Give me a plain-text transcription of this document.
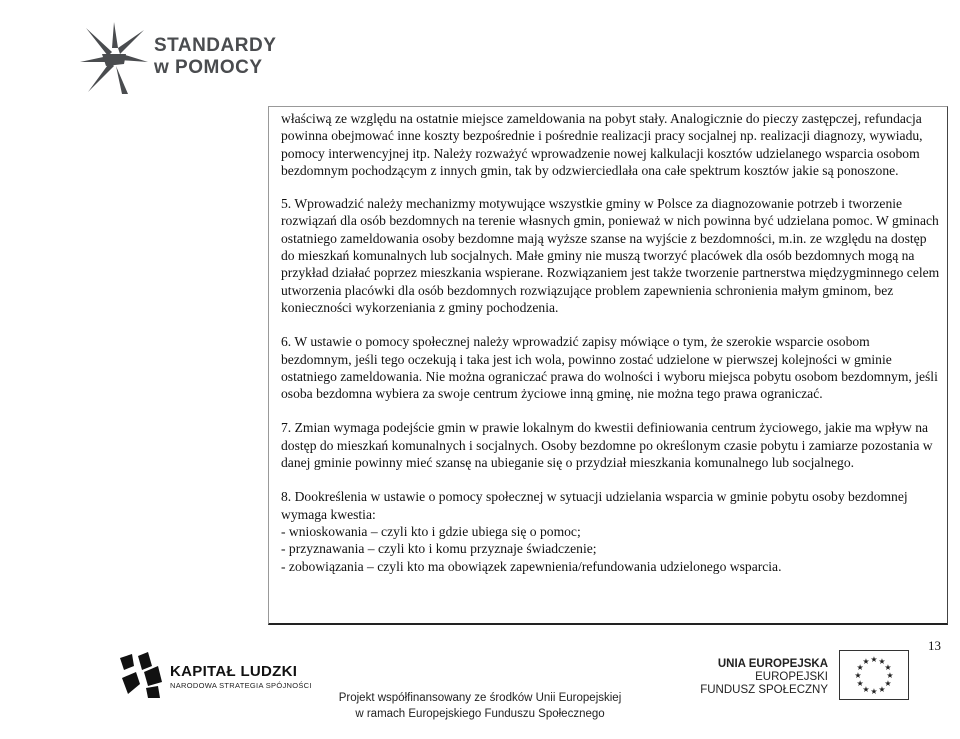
STANDARDY
w POMOCY

właściwą ze względu na ostatnie miejsce zameldowania na pobyt stały. Analogicznie do pieczy zastępczej, refundacja powinna obejmować inne koszty bezpośrednie i pośrednie realizacji pracy socjalnej np. realizacji diagnozy, wywiadu, pomocy interwencyjnej itp. Należy rozważyć wprowadzenie nowej kalkulacji kosztów udzielanego wsparcia osobom bezdomnym pochodzącym z innych gmin, tak by odzwierciedlała ona całe spektrum kosztów jakie są ponoszone.

5. Wprowadzić należy mechanizmy motywujące wszystkie gminy w Polsce za diagnozowanie potrzeb i tworzenie rozwiązań dla osób bezdomnych na terenie własnych gmin, ponieważ w nich powinna być udzielana pomoc. W gminach ostatniego zameldowania osoby bezdomne mają wyższe szanse na wyjście z bezdomności, m.in. ze względu na dostęp do mieszkań komunalnych lub socjalnych. Małe gminy nie muszą tworzyć placówek dla osób bezdomnych mogą na przykład działać poprzez mieszkania wspierane. Rozwiązaniem jest także tworzenie partnerstwa międzygminnego celem utworzenia placówki dla osób bezdomnych rozwiązujące problem zapewnienia schronienia małym gminom, bez konieczności wykorzeniania z gminy pochodzenia.

6. W ustawie o pomocy społecznej należy wprowadzić zapisy mówiące o tym, że szerokie wsparcie osobom bezdomnym, jeśli tego oczekują i taka jest ich wola, powinno zostać udzielone w pierwszej kolejności w gminie ostatniego zameldowania. Nie można ograniczać prawa do wolności i wyboru miejsca pobytu osobom bezdomnym, jeśli osoba bezdomna wybiera za swoje centrum życiowe inną gminę, nie można tego prawa ograniczać.

7. Zmian wymaga podejście gmin w prawie lokalnym do kwestii definiowania centrum życiowego, jakie ma wpływ na dostęp do mieszkań komunalnych i socjalnych. Osoby bezdomne po określonym czasie pobytu i zamiarze pozostania w danej gminie powinny mieć szansę na ubieganie się o przydział mieszkania komunalnego lub socjalnego.

8. Dookreślenia w ustawie o pomocy społecznej w sytuacji udzielania wsparcia w gminie pobytu osoby bezdomnej wymaga kwestia:

- wnioskowania – czyli kto i gdzie ubiega się o pomoc;
- przyznawania – czyli kto i komu przyznaje świadczenie;
- zobowiązania – czyli kto ma obowiązek zapewnienia/refundowania udzielonego wsparcia.
13
KAPITAŁ LUDZKI
NARODOWA STRATEGIA SPÓJNOŚCI
UNIA EUROPEJSKA
EUROPEJSKI
FUNDUSZ SPOŁECZNY
★
★
★
★
★
★
★
★
★ ★ ★
★
Projekt współfinansowany ze środków Unii Europejskiej
w ramach Europejskiego Funduszu Społecznego
